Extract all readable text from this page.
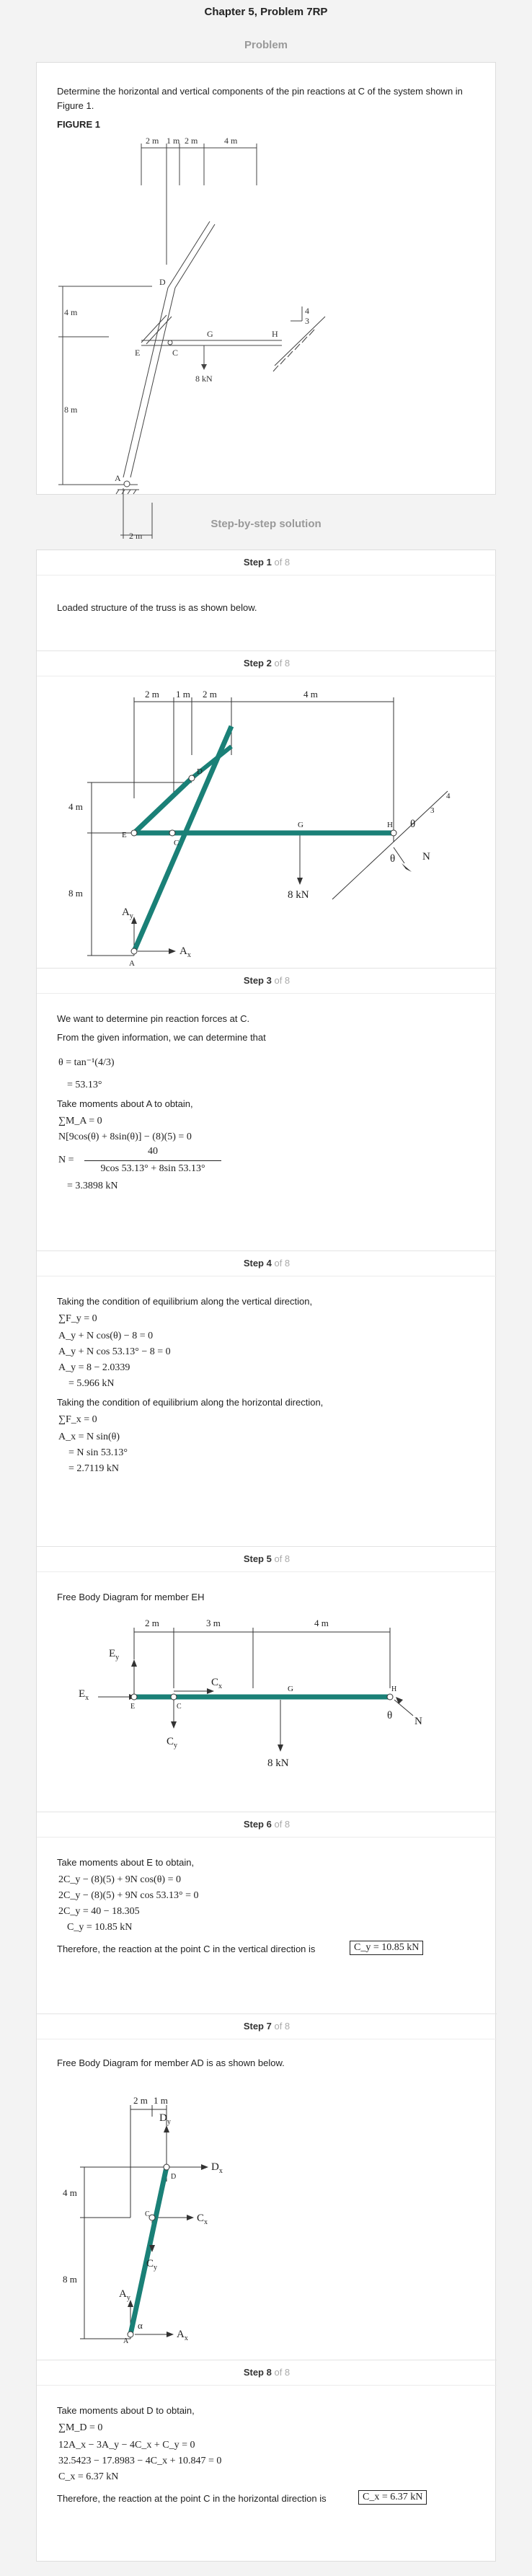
Chapter 5, Problem 7RP
Problem
Determine the horizontal and vertical components of the pin reactions at C of the system shown in Figure 1.
FIGURE 1
2 m 1 m 2 m	4 m
4 m
8 m
2 m
8 kN
4
3
D
E	C
G	H
A
Step-by-step solution
Step 1 of 8
Loaded structure of the truss is as shown below.
Step 2 of 8
2 m 1 m 2 m	4 m
4 m
8 m	8 kN
4
3
θ
θ	N
$A_y$
$A_x$
D
E
C
G	H
A
Step 3 of 8
We want to determine pin reaction forces at C.
From the given information, we can determine that
θ = tan⁻¹(4/3)
= 53.13°
Take moments about A to obtain,
∑M_A = 0
N[9cos(θ) + 8sin(θ)] − (8)(5) = 0
N =
40
9cos 53.13° + 8sin 53.13°
= 3.3898 kN
Step 4 of 8
Taking the condition of equilibrium along the vertical direction,
∑F_y = 0
A_y + N cos(θ) − 8 = 0
A_y + N cos 53.13° − 8 = 0
A_y = 8 − 2.0339
= 5.966 kN
Taking the condition of equilibrium along the horizontal direction,
∑F_x = 0
A_x = N sin(θ)
= N sin 53.13°
= 2.7119 kN
Step 5 of 8
Free Body Diagram for member EH
2 m	3 m	4 m
$E_y$
$E_x$
$C_x$
$C_y$
8 kN
θ N
E	C
G	H
Step 6 of 8
Take moments about E to obtain,
2C_y − (8)(5) + 9N cos(θ) = 0
2C_y − (8)(5) + 9N cos 53.13° = 0
2C_y = 40 − 18.305
C_y = 10.85 kN
Therefore, the reaction at the point C in the vertical direction is	C_y = 10.85 kN
Step 7 of 8
Free Body Diagram for member AD is as shown below.
2 m 1 m
4 m
8 m
$D_y$
$D_x$
$C_x$
$C_y$
$A_y$
$A_x$
α
D
C
A
Step 8 of 8
Take moments about D to obtain,
∑M_D = 0
12A_x − 3A_y − 4C_x + C_y = 0
32.5423 − 17.8983 − 4C_x + 10.847 = 0
C_x = 6.37 kN
Therefore, the reaction at the point C in the horizontal direction is	C_x = 6.37 kN
